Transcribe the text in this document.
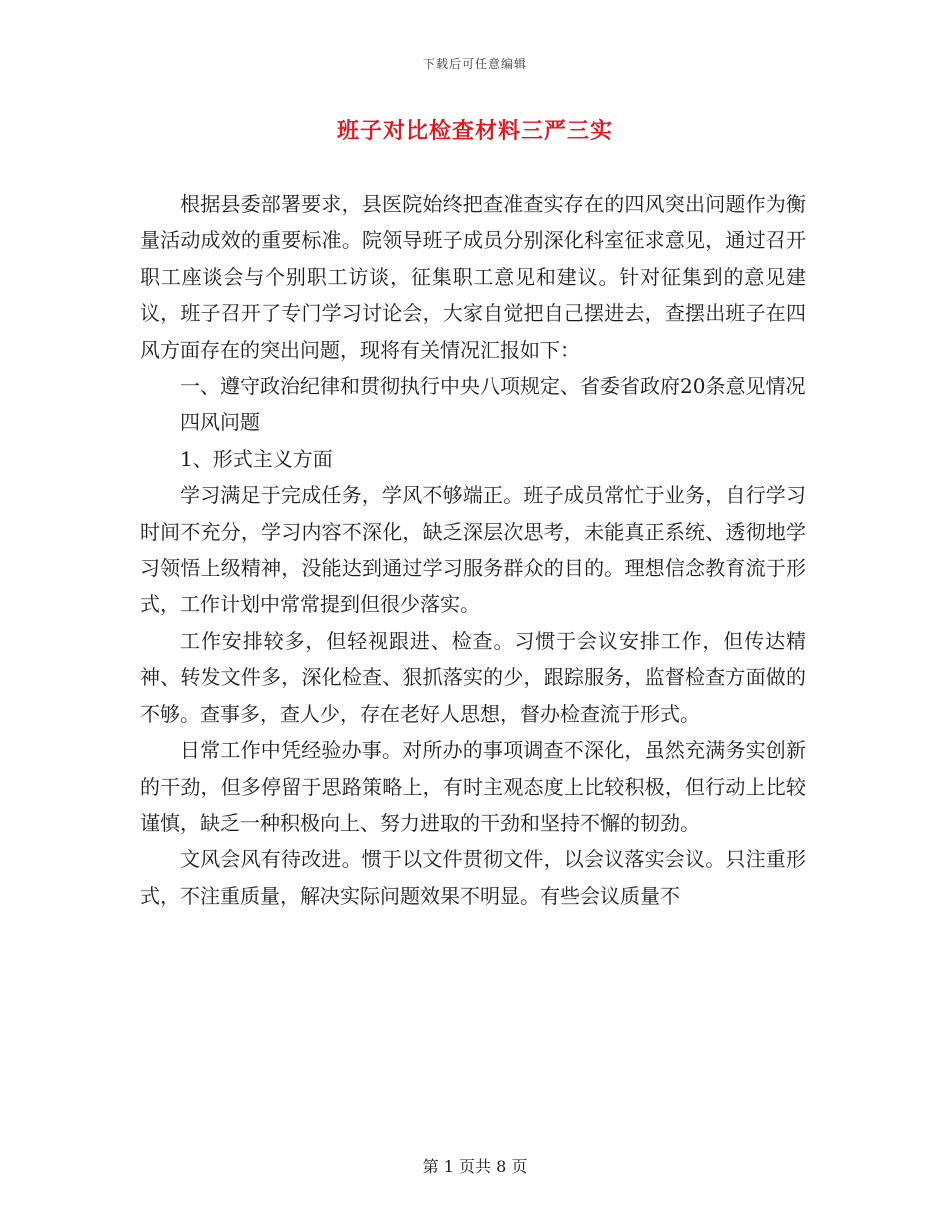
下载后可任意编辑
班子对比检查材料三严三实

根据县委部署要求，县医院始终把查准查实存在的四风突出问题作为衡量活动成效的重要标准。院领导班子成员分别深化科室征求意见，通过召开职工座谈会与个别职工访谈，征集职工意见和建议。针对征集到的意见建议，班子召开了专门学习讨论会，大家自觉把自己摆进去，查摆出班子在四风方面存在的突出问题，现将有关情况汇报如下：

一、遵守政治纪律和贯彻执行中央八项规定、省委省政府20条意见情况

四风问题

1、形式主义方面

学习满足于完成任务，学风不够端正。班子成员常忙于业务，自行学习时间不充分，学习内容不深化，缺乏深层次思考，未能真正系统、透彻地学习领悟上级精神，没能达到通过学习服务群众的目的。理想信念教育流于形式，工作计划中常常提到但很少落实。

工作安排较多，但轻视跟进、检查。习惯于会议安排工作，但传达精神、转发文件多，深化检查、狠抓落实的少，跟踪服务，监督检查方面做的不够。查事多，查人少，存在老好人思想，督办检查流于形式。

日常工作中凭经验办事。对所办的事项调查不深化，虽然充满务实创新的干劲，但多停留于思路策略上，有时主观态度上比较积极，但行动上比较谨慎，缺乏一种积极向上、努力进取的干劲和坚持不懈的韧劲。

文风会风有待改进。惯于以文件贯彻文件，以会议落实会议。只注重形式，不注重质量，解决实际问题效果不明显。有些会议质量不

第 1 页共 8 页
